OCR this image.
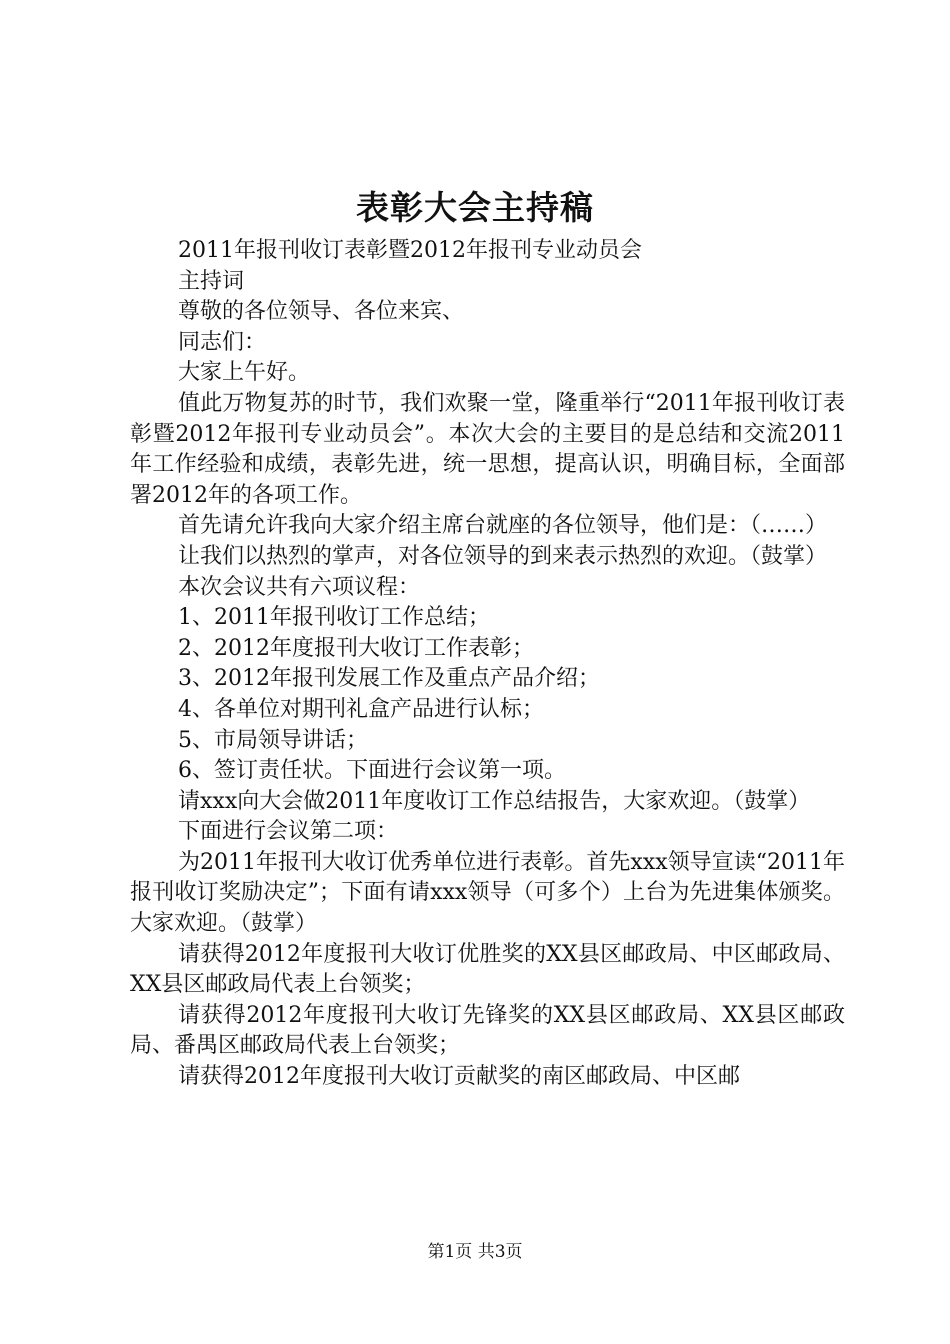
表彰大会主持稿

2011年报刊收订表彰暨2012年报刊专业动员会

主持词

尊敬的各位领导、各位来宾、

同志们：

大家上午好。

值此万物复苏的时节，我们欢聚一堂，隆重举行“2011年报刊收订表彰暨2012年报刊专业动员会”。本次大会的主要目的是总结和交流2011年工作经验和成绩，表彰先进，统一思想，提高认识，明确目标，全面部署2012年的各项工作。

首先请允许我向大家介绍主席台就座的各位领导，他们是：（……）

让我们以热烈的掌声，对各位领导的到来表示热烈的欢迎。（鼓掌）

本次会议共有六项议程：

1、2011年报刊收订工作总结；

2、2012年度报刊大收订工作表彰；

3、2012年报刊发展工作及重点产品介绍；

4、各单位对期刊礼盒产品进行认标；

5、市局领导讲话；

6、签订责任状。下面进行会议第一项。

请xxx向大会做2011年度收订工作总结报告，大家欢迎。（鼓掌）

下面进行会议第二项：

为2011年报刊大收订优秀单位进行表彰。首先xxx领导宣读“2011年报刊收订奖励决定”；下面有请xxx领导（可多个）上台为先进集体颁奖。大家欢迎。（鼓掌）

请获得2012年度报刊大收订优胜奖的XX县区邮政局、中区邮政局、XX县区邮政局代表上台领奖；

请获得2012年度报刊大收订先锋奖的XX县区邮政局、XX县区邮政局、番禺区邮政局代表上台领奖；

请获得2012年度报刊大收订贡献奖的南区邮政局、中区邮

第1页 共3页
